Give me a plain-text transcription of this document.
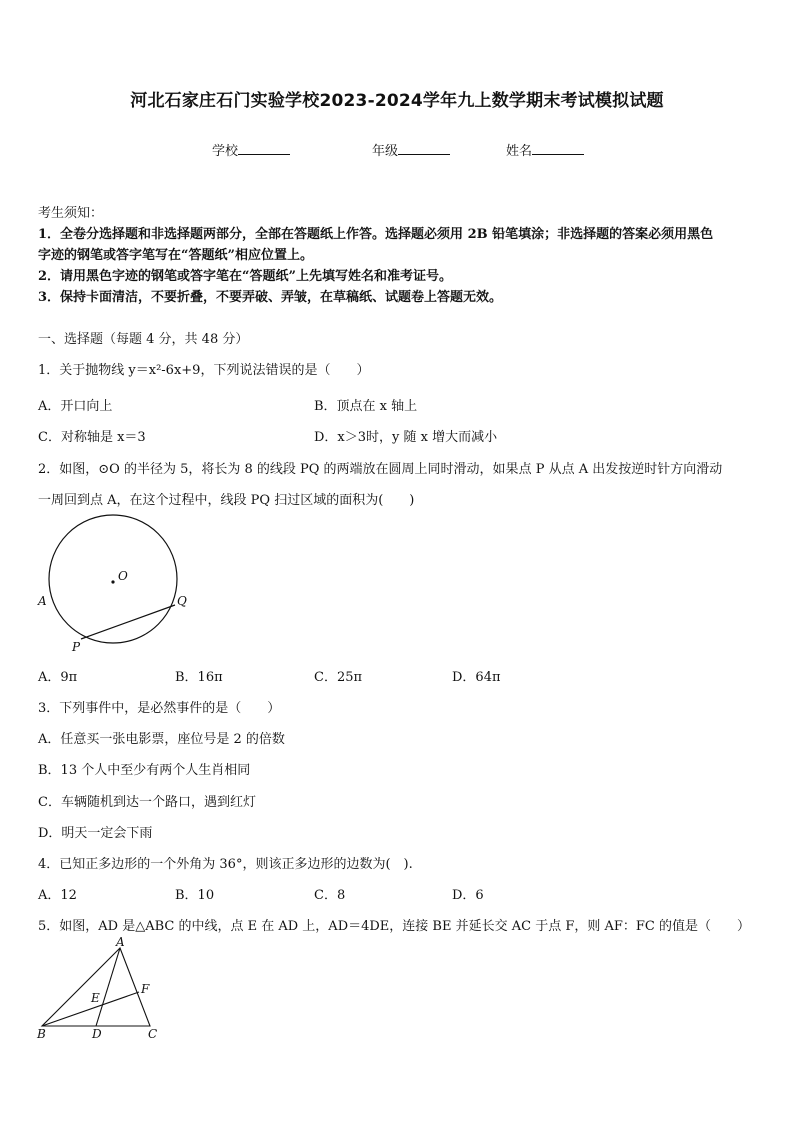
河北石家庄石门实验学校2023-2024学年九上数学期末考试模拟试题
学校	年级	姓名
考生须知：
1．全卷分选择题和非选择题两部分，全部在答题纸上作答。选择题必须用 2B 铅笔填涂；非选择题的答案必须用黑色
字迹的钢笔或答字笔写在“答题纸”相应位置上。
2．请用黑色字迹的钢笔或答字笔在“答题纸”上先填写姓名和准考证号。
3．保持卡面清洁，不要折叠，不要弄破、弄皱，在草稿纸、试题卷上答题无效。
一、选择题（每题 4 分，共 48 分）
1．关于抛物线 y＝x²-6x+9，下列说法错误的是（　　）
A．开口向上	B．顶点在 x 轴上
C．对称轴是 x＝3	D．x＞3时，y 随 x 增大而减小
2．如图，⊙O 的半径为 5，将长为 8 的线段 PQ 的两端放在圆周上同时滑动，如果点 P 从点 A 出发按逆时针方向滑动
一周回到点 A，在这个过程中，线段 PQ 扫过区域的面积为(　　)
O
A	Q
P
A．9π	B．16π	C．25π	D．64π
3．下列事件中，是必然事件的是（　　）
A．任意买一张电影票，座位号是 2 的倍数
B．13 个人中至少有两个人生肖相同
C．车辆随机到达一个路口，遇到红灯
D．明天一定会下雨
4．已知正多边形的一个外角为 36°，则该正多边形的边数为(　).
A．12	B．10	C．8	D．6
5．如图，AD 是△ABC 的中线，点 E 在 AD 上，AD＝4DE，连接 BE 并延长交 AC 于点 F，则 AF：FC 的值是（　　）
A
B	C
D
E
F
